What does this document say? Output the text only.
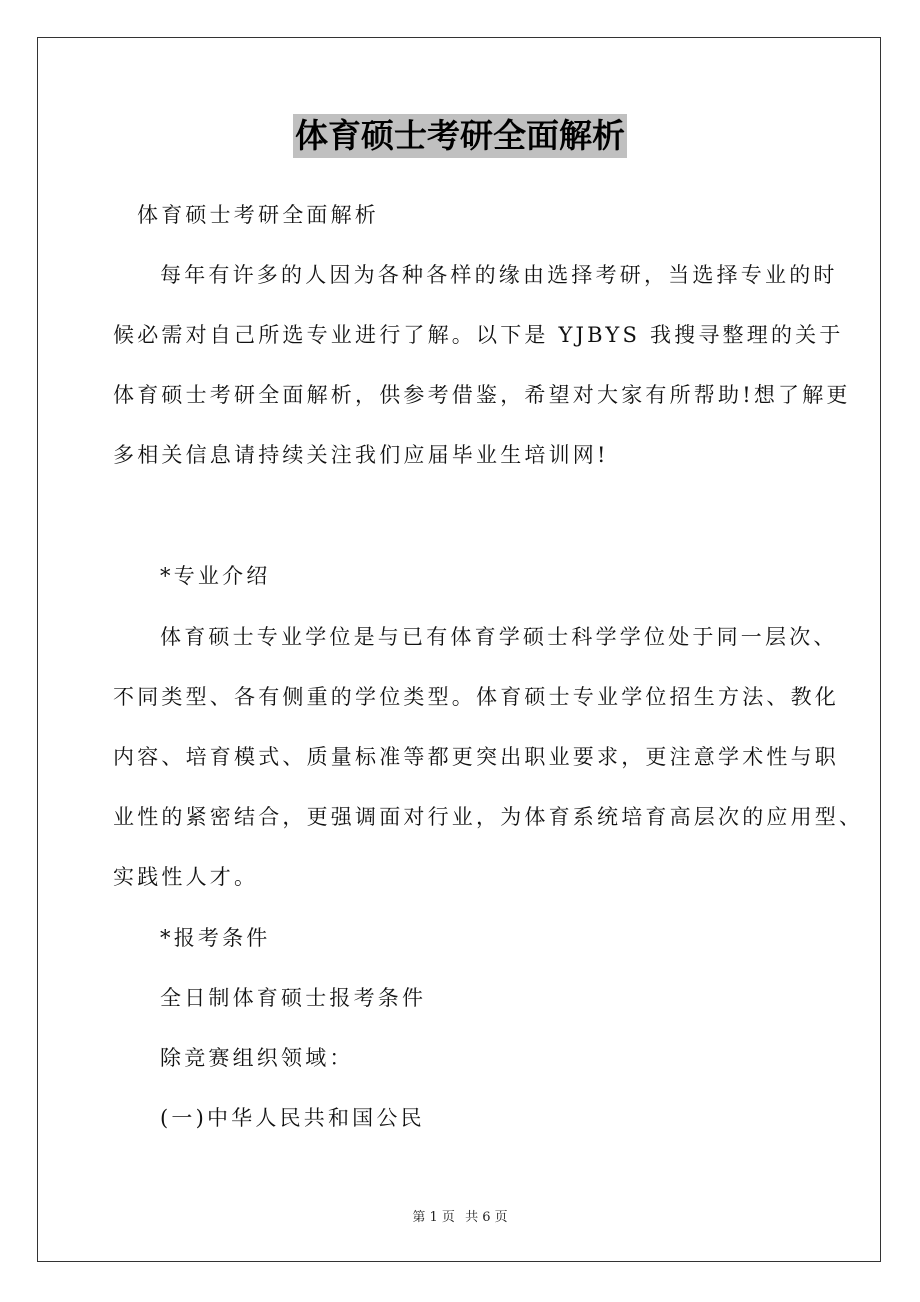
体育硕士考研全面解析
体育硕士考研全面解析
每年有许多的人因为各种各样的缘由选择考研，当选择专业的时
候必需对自己所选专业进行了解。以下是 YJBYS 我搜寻整理的关于
体育硕士考研全面解析，供参考借鉴，希望对大家有所帮助!想了解更
多相关信息请持续关注我们应届毕业生培训网!
*专业介绍
体育硕士专业学位是与已有体育学硕士科学学位处于同一层次、
不同类型、各有侧重的学位类型。体育硕士专业学位招生方法、教化
内容、培育模式、质量标准等都更突出职业要求，更注意学术性与职
业性的紧密结合，更强调面对行业，为体育系统培育高层次的应用型、
实践性人才。
*报考条件
全日制体育硕士报考条件
除竞赛组织领域：
(一)中华人民共和国公民
第 1 页 共 6 页
